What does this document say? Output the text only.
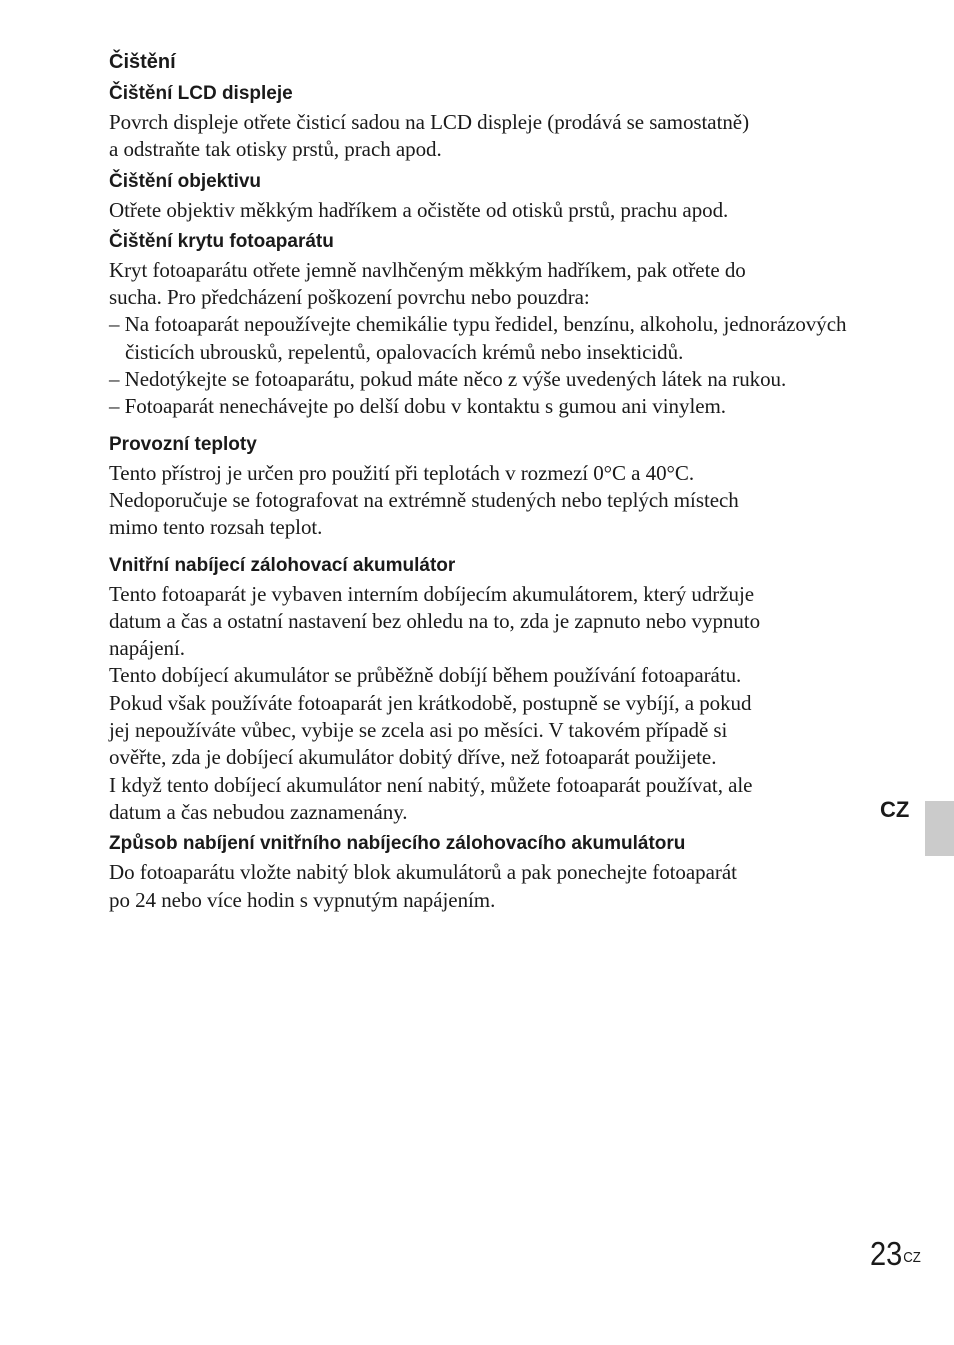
Čištění
Čištění LCD displeje

Povrch displeje otřete čisticí sadou na LCD displeje (prodává se samostatně)
a odstraňte tak otisky prstů, prach apod.

Čištění objektivu

Otřete objektiv měkkým hadříkem a očistěte od otisků prstů, prachu apod.

Čištění krytu fotoaparátu

Kryt fotoaparátu otřete jemně navlhčeným měkkým hadříkem, pak otřete do
sucha. Pro předcházení poškození povrchu nebo pouzdra:

– Na fotoaparát nepoužívejte chemikálie typu ředidel, benzínu, alkoholu, jednorázových čisticích ubrousků, repelentů, opalovacích krémů nebo insekticidů.

– Nedotýkejte se fotoaparátu, pokud máte něco z výše uvedených látek na rukou.

– Fotoaparát nenechávejte po delší dobu v kontaktu s gumou ani vinylem.

Provozní teploty

Tento přístroj je určen pro použití při teplotách v rozmezí 0°C a 40°C.
Nedoporučuje se fotografovat na extrémně studených nebo teplých místech
mimo tento rozsah teplot.

Vnitřní nabíjecí zálohovací akumulátor

Tento fotoaparát je vybaven interním dobíjecím akumulátorem, který udržuje
datum a čas a ostatní nastavení bez ohledu na to, zda je zapnuto nebo vypnuto
napájení.
Tento dobíjecí akumulátor se průběžně dobíjí během používání fotoaparátu.
Pokud však používáte fotoaparát jen krátkodobě, postupně se vybíjí, a pokud
jej nepoužíváte vůbec, vybije se zcela asi po měsíci. V takovém případě si
ověřte, zda je dobíjecí akumulátor dobitý dříve, než fotoaparát použijete.
I když tento dobíjecí akumulátor není nabitý, můžete fotoaparát používat, ale
datum a čas nebudou zaznamenány.

Způsob nabíjení vnitřního nabíjecího zálohovacího akumulátoru

Do fotoaparátu vložte nabitý blok akumulátorů a pak ponechejte fotoaparát
po 24 nebo více hodin s vypnutým napájením.

CZ
$23^{CZ}$
